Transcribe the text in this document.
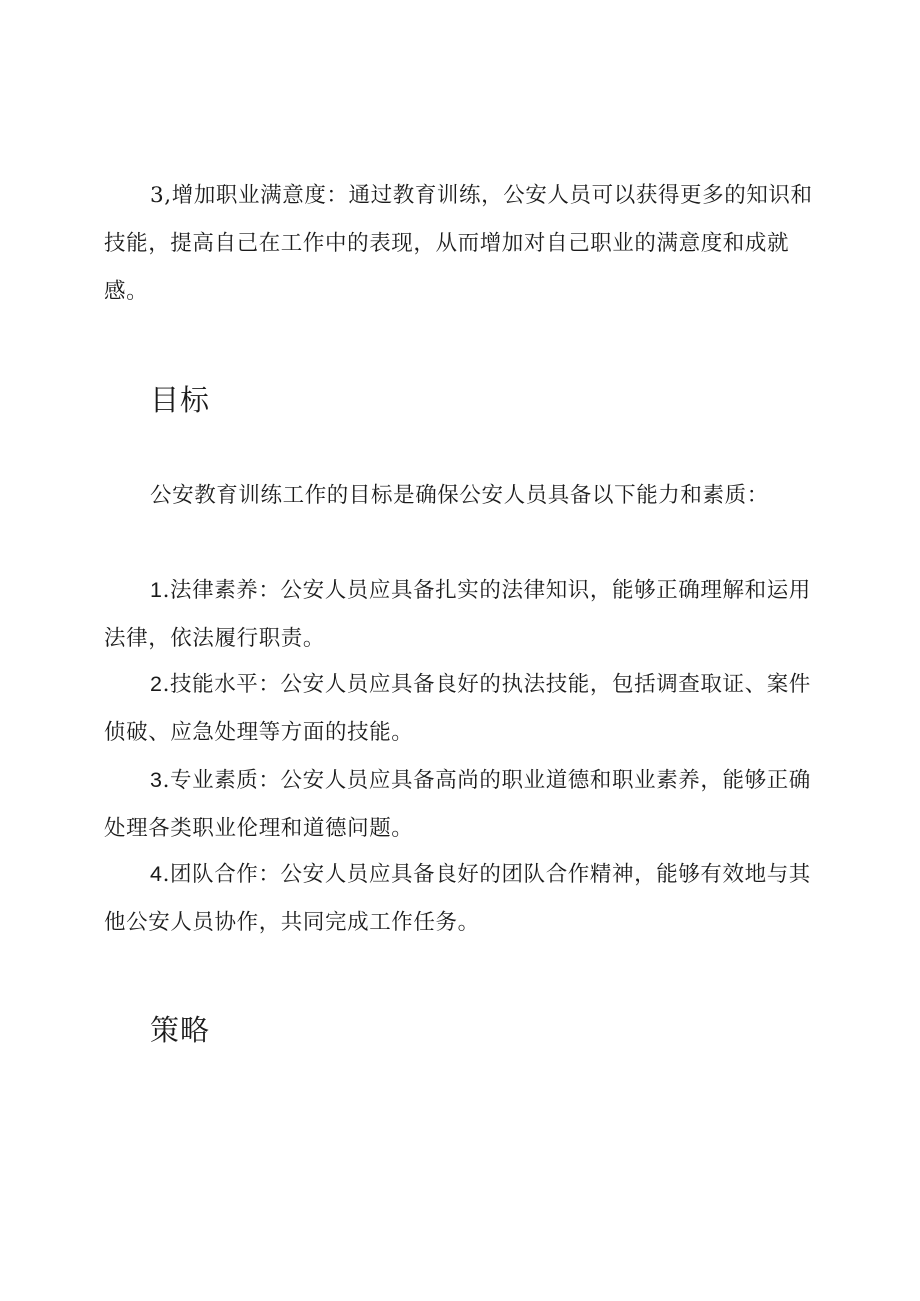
3,增加职业满意度：通过教育训练，公安人员可以获得更多的知识和技能，提高自己在工作中的表现，从而增加对自己职业的满意度和成就感。

目标

公安教育训练工作的目标是确保公安人员具备以下能力和素质：

1.法律素养：公安人员应具备扎实的法律知识，能够正确理解和运用法律，依法履行职责。

2.技能水平：公安人员应具备良好的执法技能，包括调查取证、案件侦破、应急处理等方面的技能。

3.专业素质：公安人员应具备高尚的职业道德和职业素养，能够正确处理各类职业伦理和道德问题。

4.团队合作：公安人员应具备良好的团队合作精神，能够有效地与其他公安人员协作，共同完成工作任务。

策略
